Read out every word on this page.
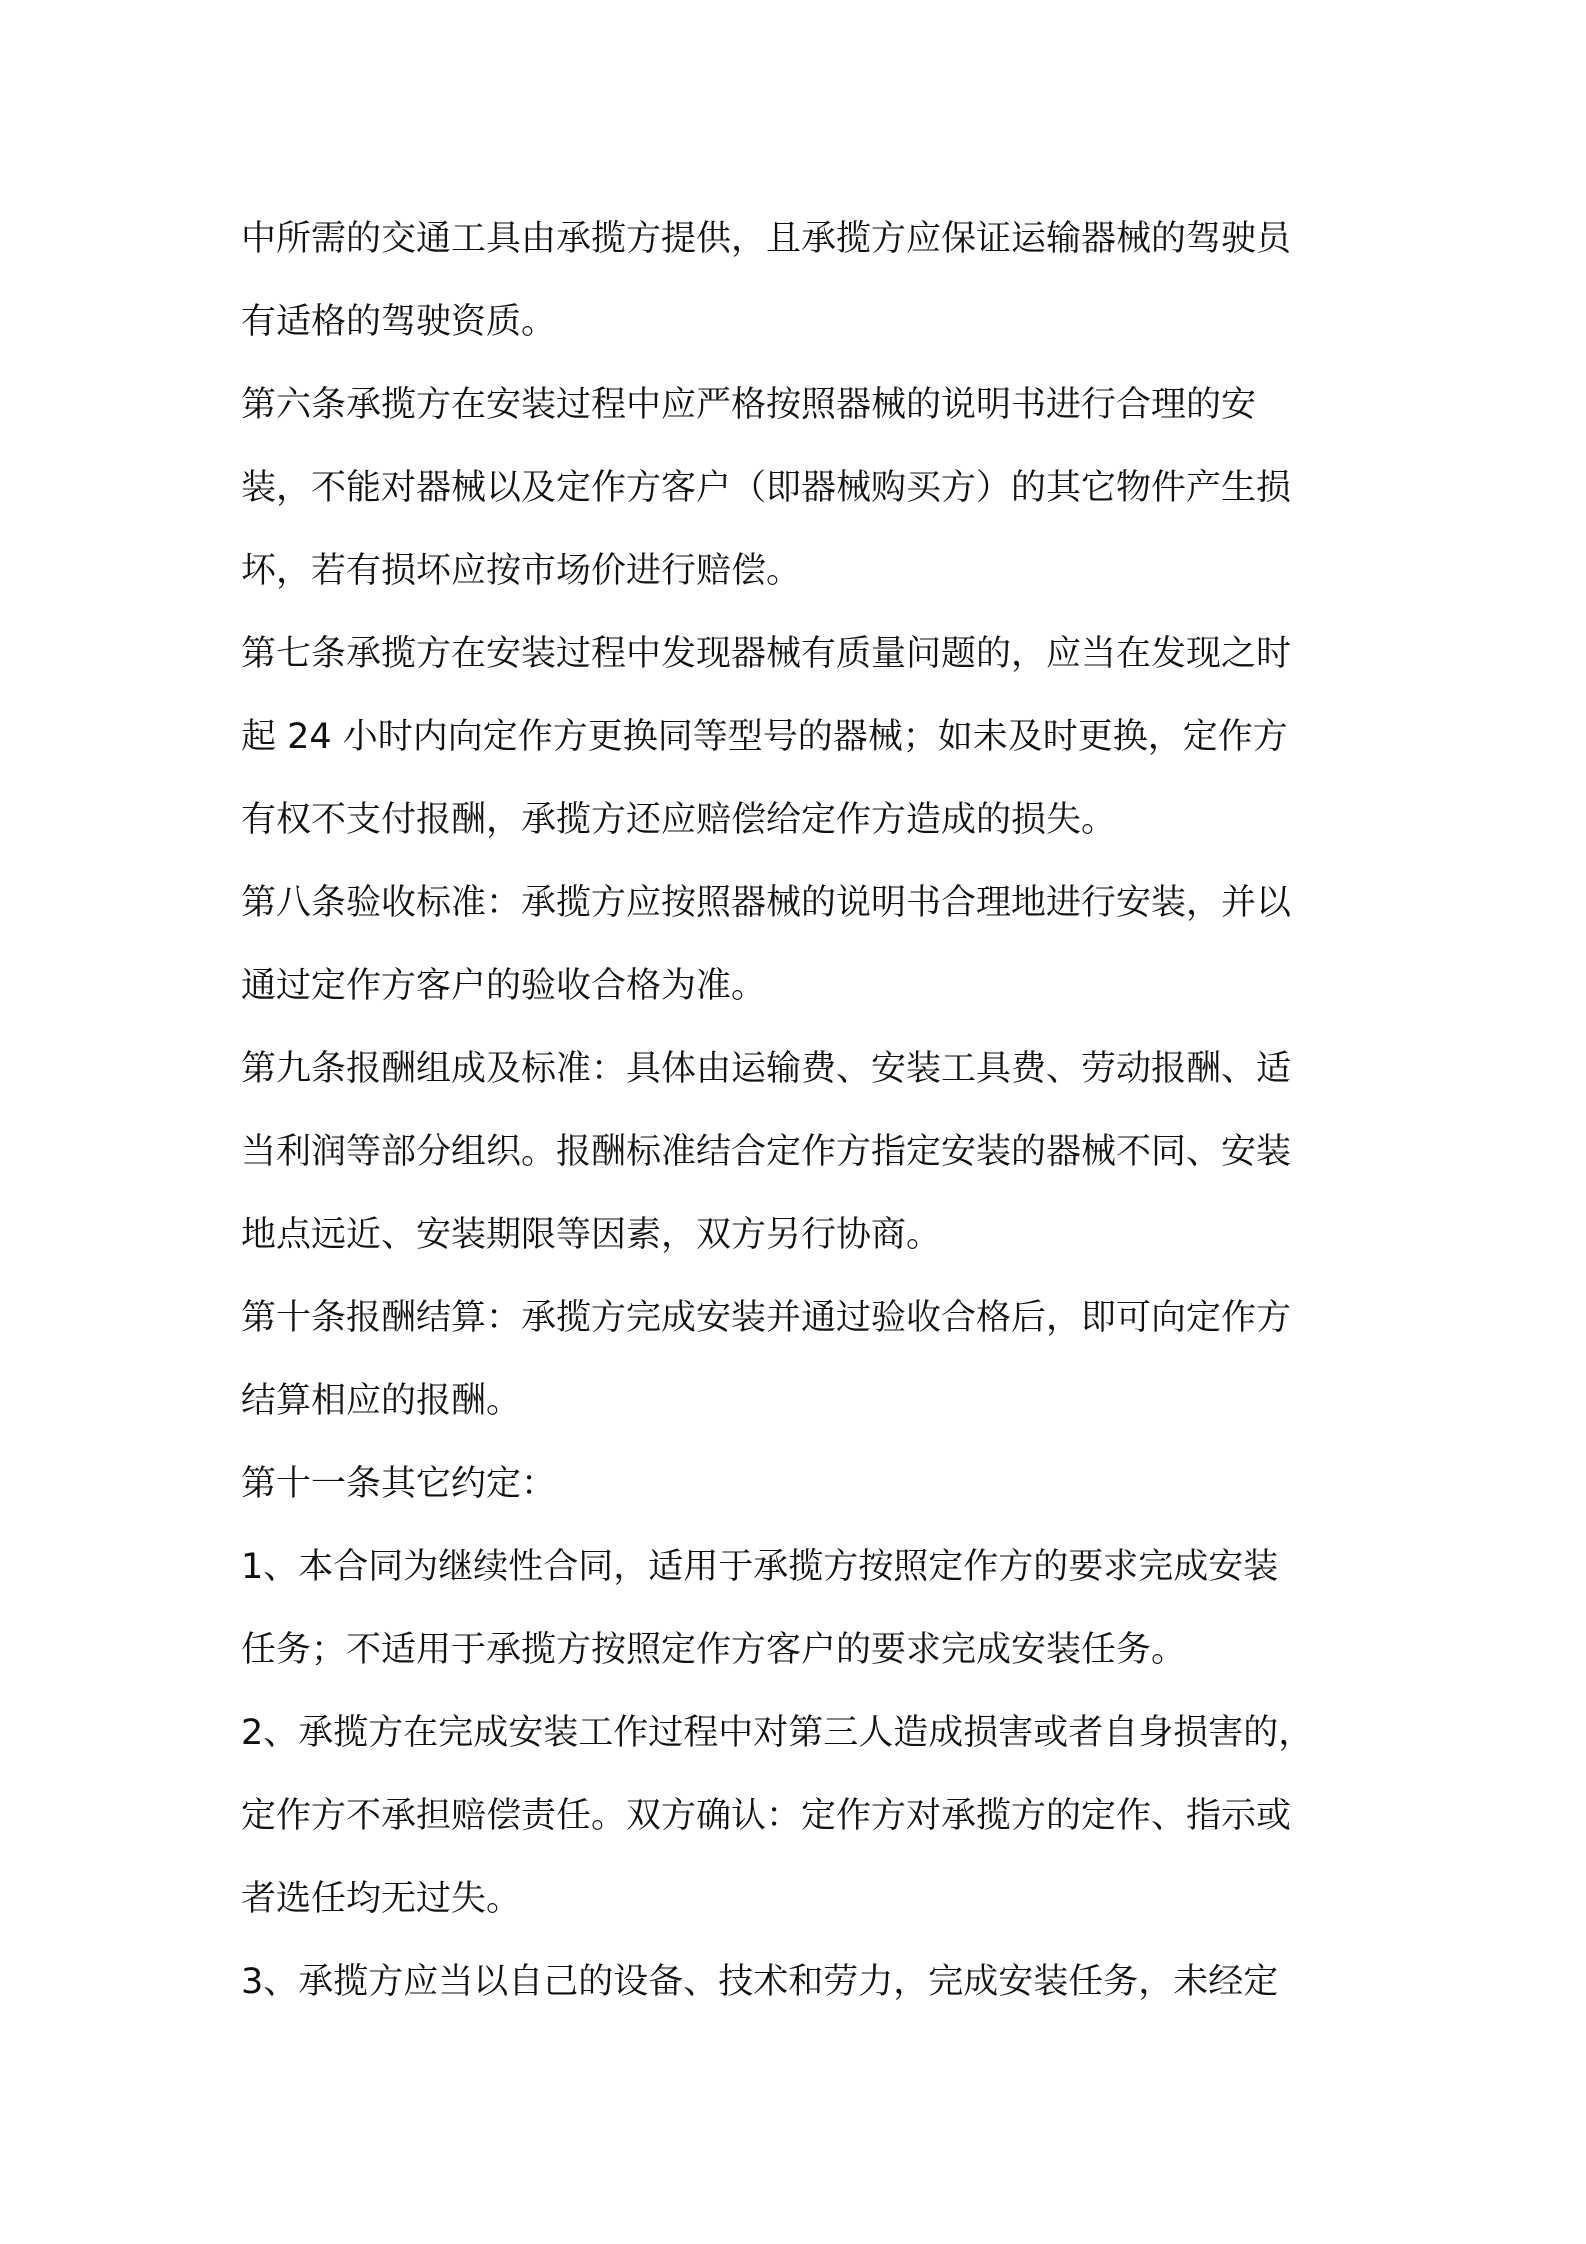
中所需的交通工具由承揽方提供，且承揽方应保证运输器械的驾驶员
有适格的驾驶资质。
第六条承揽方在安装过程中应严格按照器械的说明书进行合理的安
装，不能对器械以及定作方客户（即器械购买方）的其它物件产生损
坏，若有损坏应按市场价进行赔偿。
第七条承揽方在安装过程中发现器械有质量问题的，应当在发现之时
起 24 小时内向定作方更换同等型号的器械；如未及时更换，定作方
有权不支付报酬，承揽方还应赔偿给定作方造成的损失。
第八条验收标准：承揽方应按照器械的说明书合理地进行安装，并以
通过定作方客户的验收合格为准。
第九条报酬组成及标准：具体由运输费、安装工具费、劳动报酬、适
当利润等部分组织。报酬标准结合定作方指定安装的器械不同、安装
地点远近、安装期限等因素，双方另行协商。
第十条报酬结算：承揽方完成安装并通过验收合格后，即可向定作方
结算相应的报酬。
第十一条其它约定：
1、本合同为继续性合同，适用于承揽方按照定作方的要求完成安装
任务；不适用于承揽方按照定作方客户的要求完成安装任务。
2、承揽方在完成安装工作过程中对第三人造成损害或者自身损害的，
定作方不承担赔偿责任。双方确认：定作方对承揽方的定作、指示或
者选任均无过失。
3、承揽方应当以自己的设备、技术和劳力，完成安装任务，未经定
